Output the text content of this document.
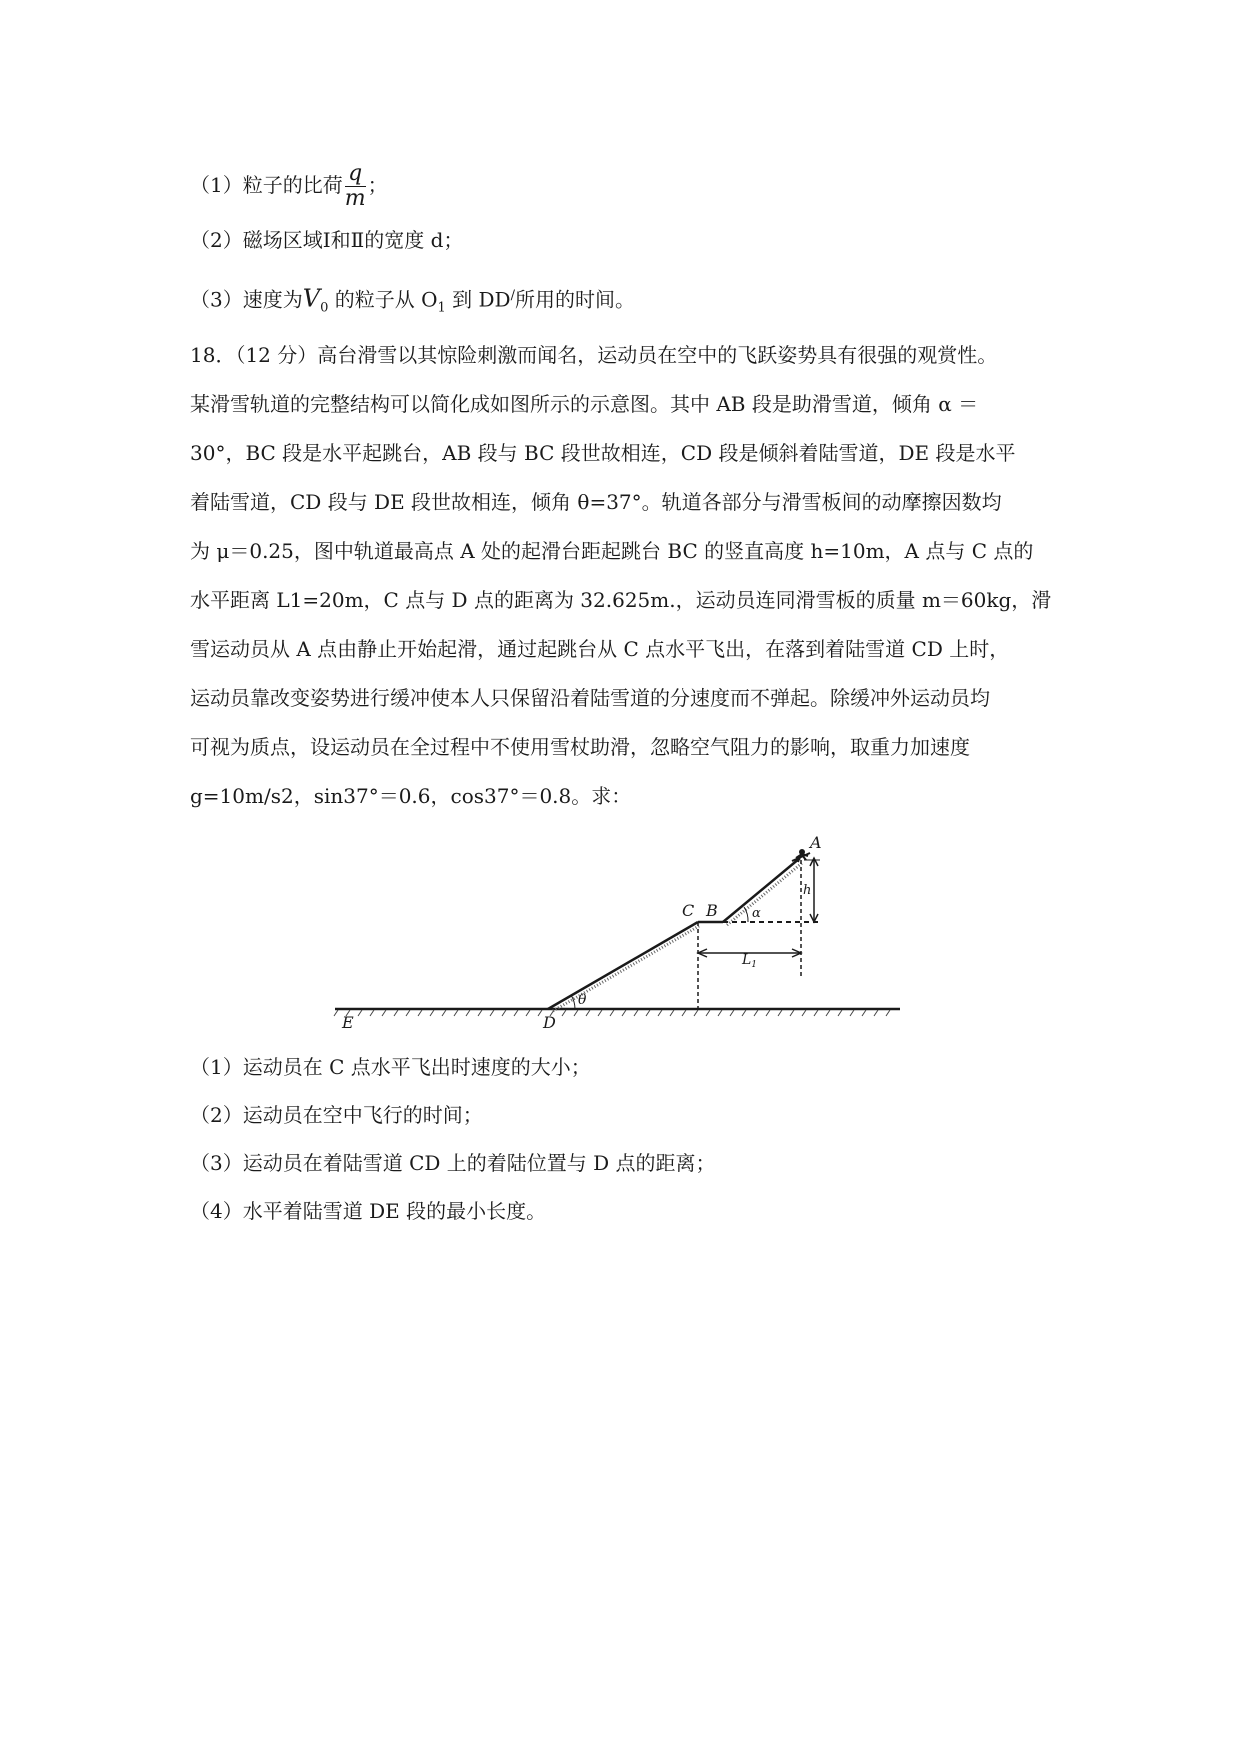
（1）粒子的比荷 $\frac{q}{m}$ ；
（2）磁场区域Ⅰ和Ⅱ的宽度 d；
（3）速度为$V_0$ 的粒子从 $O_1$ 到 DD/所用的时间。

18．（12 分）高台滑雪以其惊险刺激而闻名，运动员在空中的飞跃姿势具有很强的观赏性。

某滑雪轨道的完整结构可以简化成如图所示的示意图。其中 AB 段是助滑雪道，倾角 α ＝

30°，BC 段是水平起跳台，AB 段与 BC 段世故相连，CD 段是倾斜着陆雪道，DE 段是水平

着陆雪道，CD 段与 DE 段世故相连，倾角 θ=37°。轨道各部分与滑雪板间的动摩擦因数均

为 μ＝0.25，图中轨道最高点 A 处的起滑台距起跳台 BC 的竖直高度 h=10m，A 点与 C 点的

水平距离 L1=20m，C 点与 D 点的距离为 32.625m.，运动员连同滑雪板的质量 m＝60kg，滑

雪运动员从 A 点由静止开始起滑，通过起跳台从 C 点水平飞出，在落到着陆雪道 CD 上时，

运动员靠改变姿势进行缓冲使本人只保留沿着陆雪道的分速度而不弹起。除缓冲外运动员均

可视为质点，设运动员在全过程中不使用雪杖助滑，忽略空气阻力的影响，取重力加速度

g=10m/s2，sin37°＝0.6，cos37°＝0.8。求：

A
B
C
D
E
h
α
θ
$L_1$
（1）运动员在 C 点水平飞出时速度的大小；
（2）运动员在空中飞行的时间；
（3）运动员在着陆雪道 CD 上的着陆位置与 D 点的距离；
（4）水平着陆雪道 DE 段的最小长度。
